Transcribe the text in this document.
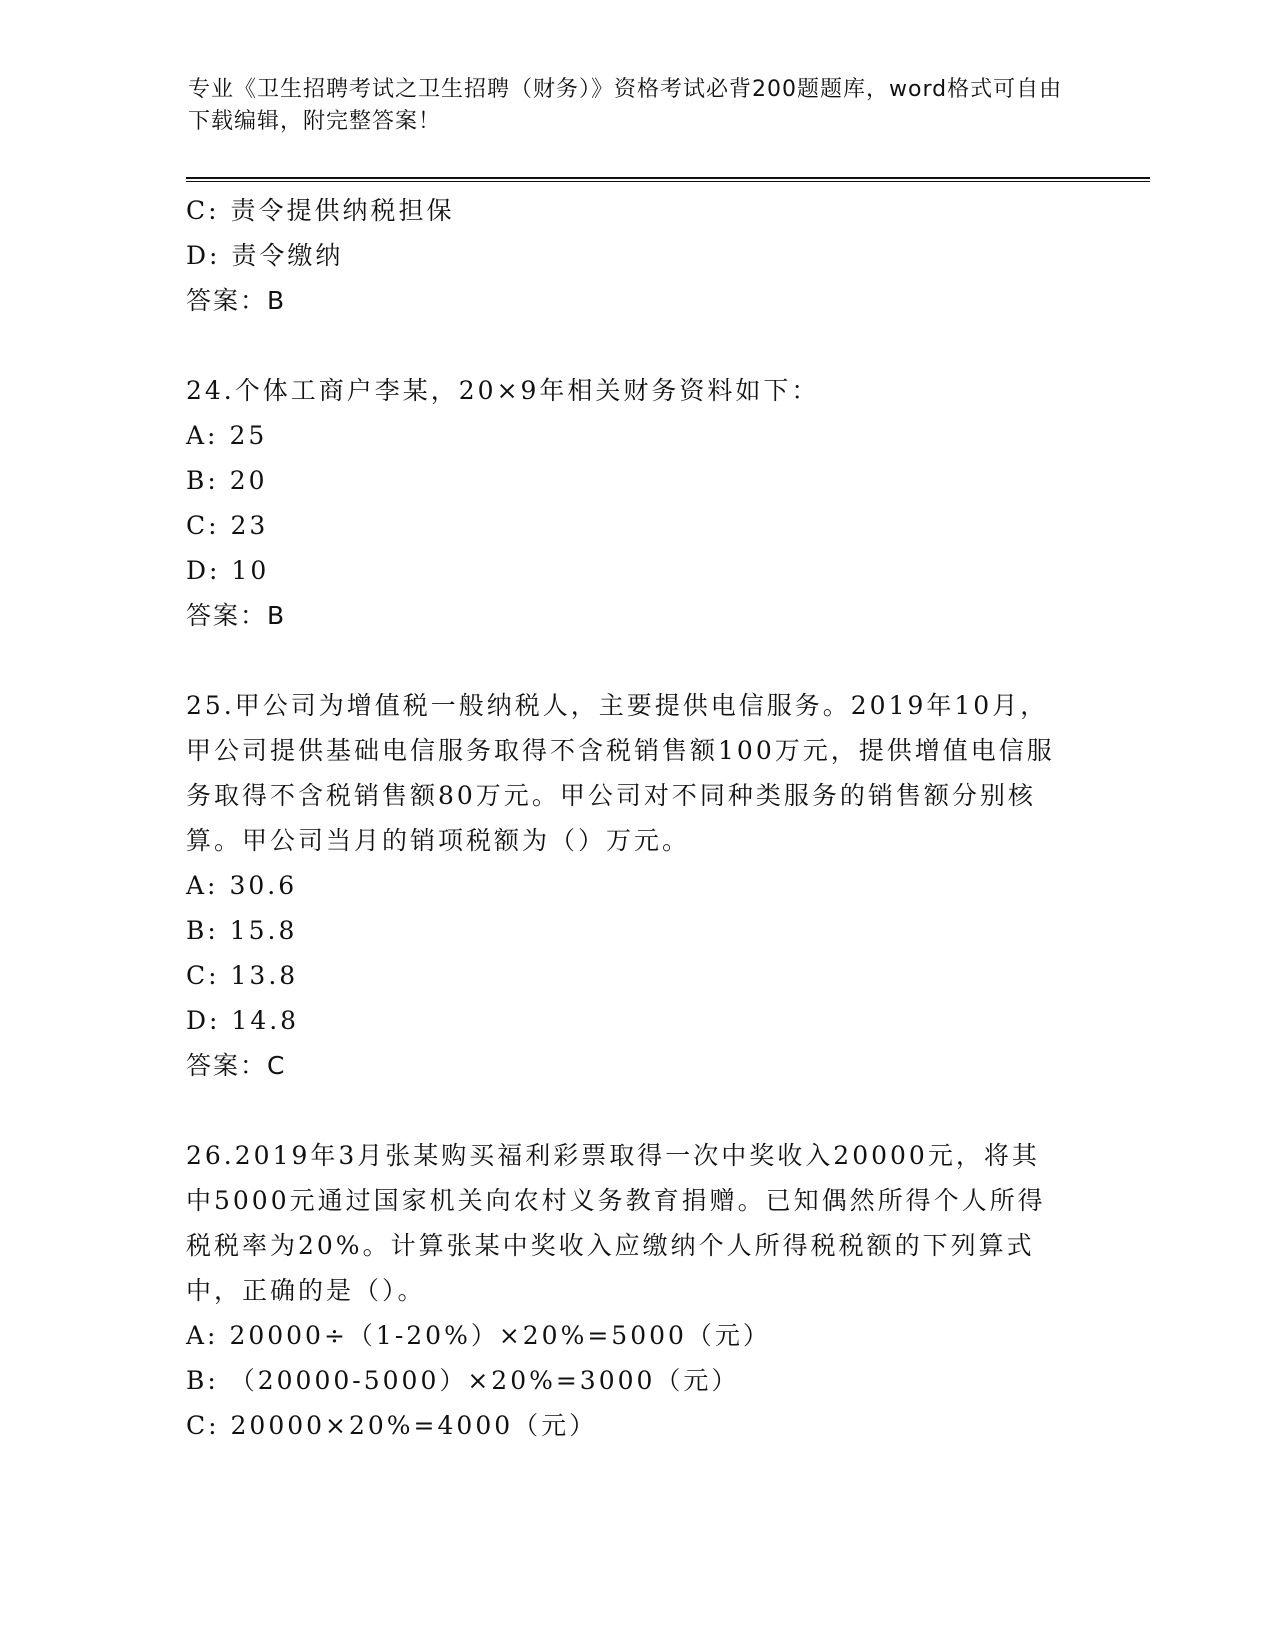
专业《卫生招聘考试之卫生招聘（财务）》资格考试必背200题题库，word格式可自由下载编辑，附完整答案！
C: 责令提供纳税担保
D: 责令缴纳
答案：B
24.个体工商户李某，20×9年相关财务资料如下：
A: 25
B: 20
C: 23
D: 10
答案：B
25.甲公司为增值税一般纳税人，主要提供电信服务。2019年10月，甲公司提供基础电信服务取得不含税销售额100万元，提供增值电信服务取得不含税销售额80万元。甲公司对不同种类服务的销售额分别核算。甲公司当月的销项税额为（）万元。
A: 30.6
B: 15.8
C: 13.8
D: 14.8
答案：C
26.2019年3月张某购买福利彩票取得一次中奖收入20000元，将其中5000元通过国家机关向农村义务教育捐赠。已知偶然所得个人所得税税率为20%。计算张某中奖收入应缴纳个人所得税税额的下列算式中，正确的是（）。
A: 20000÷（1-20%）×20%=5000（元）
B: （20000-5000）×20%=3000（元）
C: 20000×20%=4000（元）
